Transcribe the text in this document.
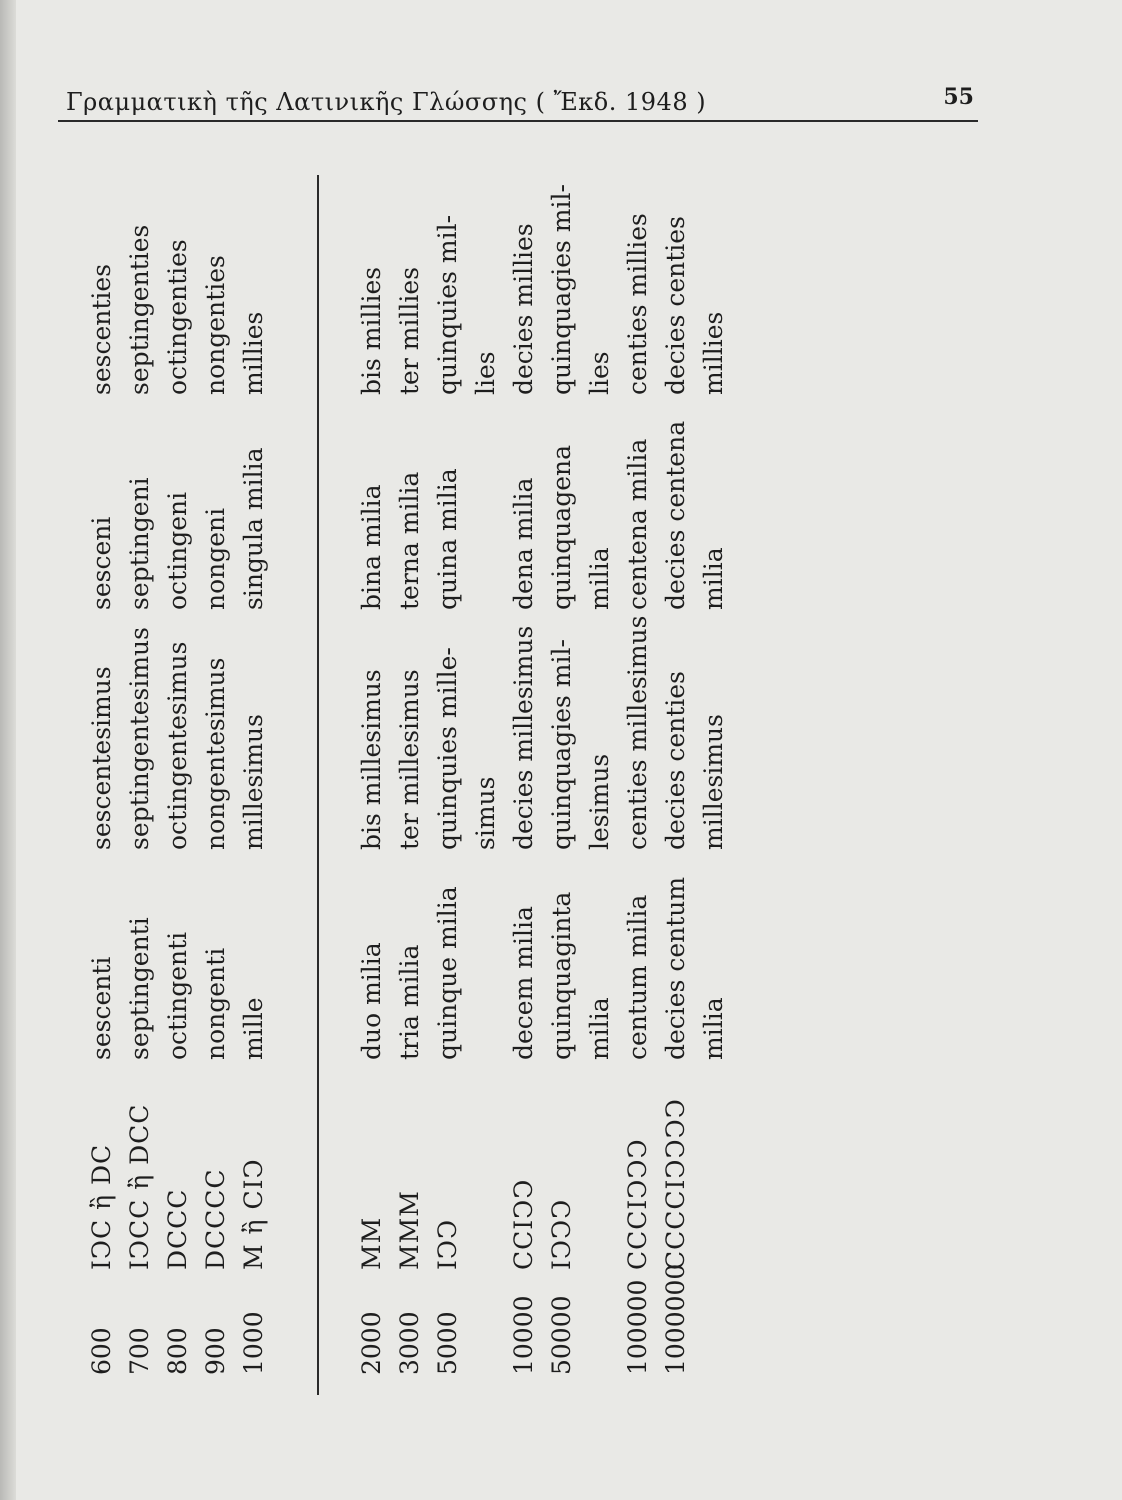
Γραμματικὴ τῆς Λατινικῆς Γλώσσης ( Ἔκδ. 1948 )	55
600
IↃC ἢ DC
sescenti
sescentesimus
sesceni
sescenties
700
IↃCC ἢ DCC
septingenti
septingentesimus
septingeni
septingenties
800
DCCC
octingenti
octingentesimus
octingeni
octingenties
900
DCCCC
nongenti
nongentesimus
nongeni
nongenties
1000
M ἢ CIↃ
mille
millesimus
singula milia
millies
2000
MM
duo milia
bis millesimus
bina milia
bis millies
3000
MMM
tria milia
ter millesimus
terna milia
ter millies
5000
IↃↃ
quinque milia
quinquies mille-
quina milia
quinquies mil-
simus
lies
10000
CCIↃↃ
decem milia
decies millesimus
dena milia
decies millies
50000
IↃↃↃ
quinquaginta
quinquagies mil-
quinquagena
quinquagies mil-
milia
lesimus
milia
lies
100000
CCCIↃↃↃ
centum milia
centies millesimus
centena milia
centies millies
1000000
CCCCIↃↃↃↃ
decies centum
decies centies
decies centena
decies centies
milia
millesimus
milia
millies
